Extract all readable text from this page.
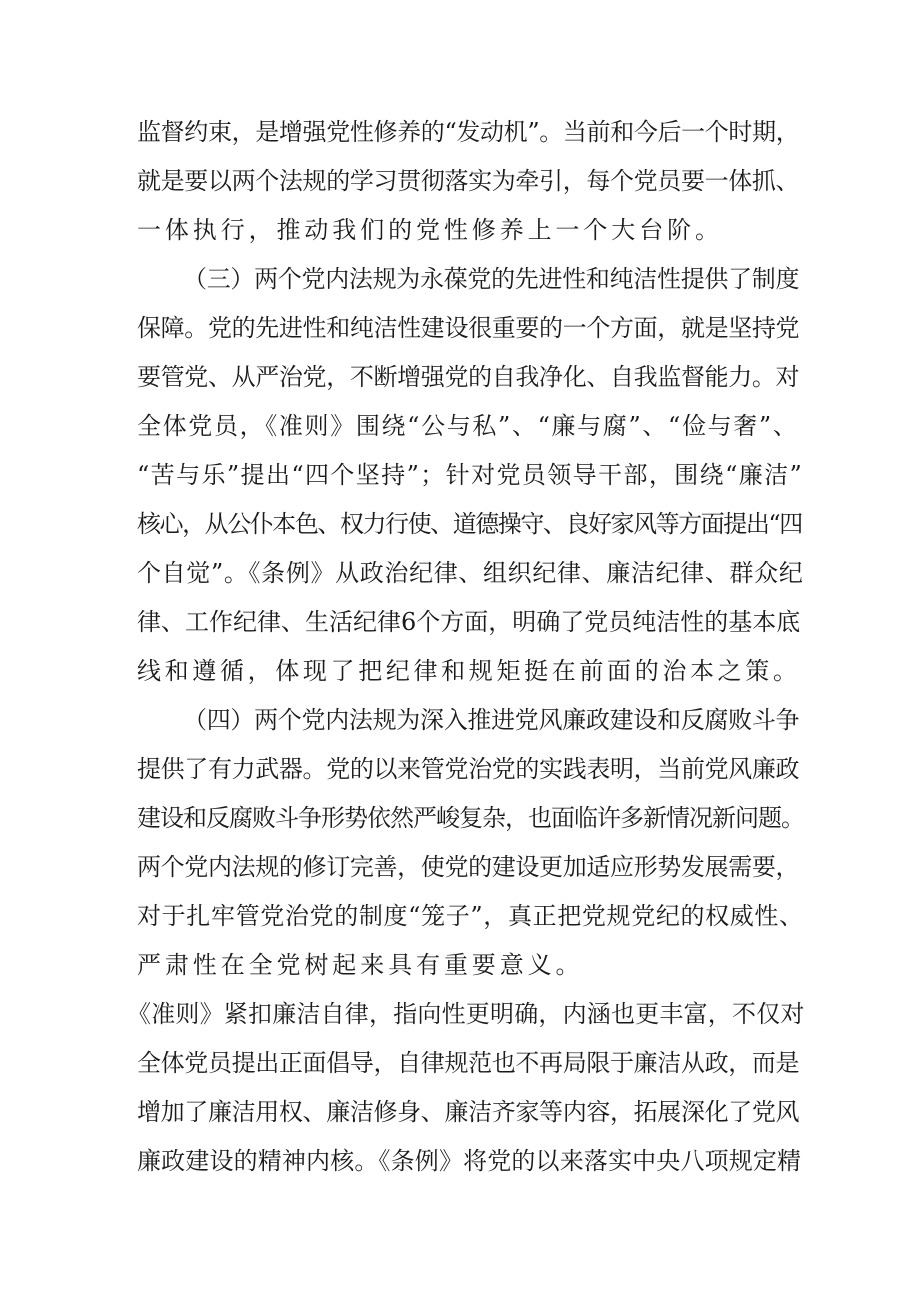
监督约束，是增强党性修养的“发动机”。当前和今后一个时期，
就是要以两个法规的学习贯彻落实为牵引，每个党员要一体抓、
一体执行，推动我们的党性修养上一个大台阶。
（三）两个党内法规为永葆党的先进性和纯洁性提供了制度
保障。党的先进性和纯洁性建设很重要的一个方面，就是坚持党
要管党、从严治党，不断增强党的自我净化、自我监督能力。对
全体党员，《准则》围绕“公与私”、“廉与腐”、“俭与奢”、
“苦与乐”提出“四个坚持”；针对党员领导干部，围绕“廉洁”
核心，从公仆本色、权力行使、道德操守、良好家风等方面提出“四
个自觉”。《条例》从政治纪律、组织纪律、廉洁纪律、群众纪
律、工作纪律、生活纪律6个方面，明确了党员纯洁性的基本底
线和遵循，体现了把纪律和规矩挺在前面的治本之策。
（四）两个党内法规为深入推进党风廉政建设和反腐败斗争
提供了有力武器。党的以来管党治党的实践表明，当前党风廉政
建设和反腐败斗争形势依然严峻复杂，也面临许多新情况新问题。
两个党内法规的修订完善，使党的建设更加适应形势发展需要，
对于扎牢管党治党的制度“笼子”，真正把党规党纪的权威性、
严肃性在全党树起来具有重要意义。
《准则》紧扣廉洁自律，指向性更明确，内涵也更丰富，不仅对
全体党员提出正面倡导，自律规范也不再局限于廉洁从政，而是
增加了廉洁用权、廉洁修身、廉洁齐家等内容，拓展深化了党风
廉政建设的精神内核。《条例》将党的以来落实中央八项规定精
